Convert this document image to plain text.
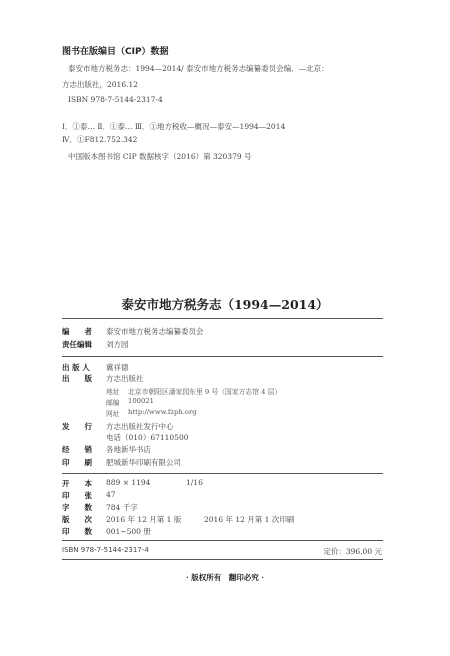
图书在版编目（CIP）数据
泰安市地方税务志：1994—2014/ 泰安市地方税务志编纂委员会编．—北京：
方志出版社，2016.12
ISBN 978-7-5144-2317-4
Ⅰ．①泰… Ⅱ．①泰… Ⅲ．①地方税收—概况—泰安—1994—2014
Ⅳ．①F812.752.342
中国版本图书馆 CIP 数据核字（2016）第 320379 号
泰安市地方税务志（1994—2014）
编　　者 泰安市地方税务志编纂委员会
责任编辑 刘方园
出 版 人 冀祥德
出　　版 方志出版社
地址 北京市朝阳区潘家园东里 9 号（国家方志馆 4 层）
邮编 100021
网址 http://www.fzph.org
发　　行 方志出版社发行中心
电话（010）67110500
经　　销 各地新华书店
印　　刷 肥城新华印刷有限公司
开　　本 889 × 1194	1/16
印　　张 47
字　　数 784 千字
版　　次 2016 年 12 月第 1 版	2016 年 12 月第 1 次印刷
印　　数 001~500 册
ISBN 978-7-5144-2317-4	定价：396.00 元
· 版权所有　翻印必究 ·
